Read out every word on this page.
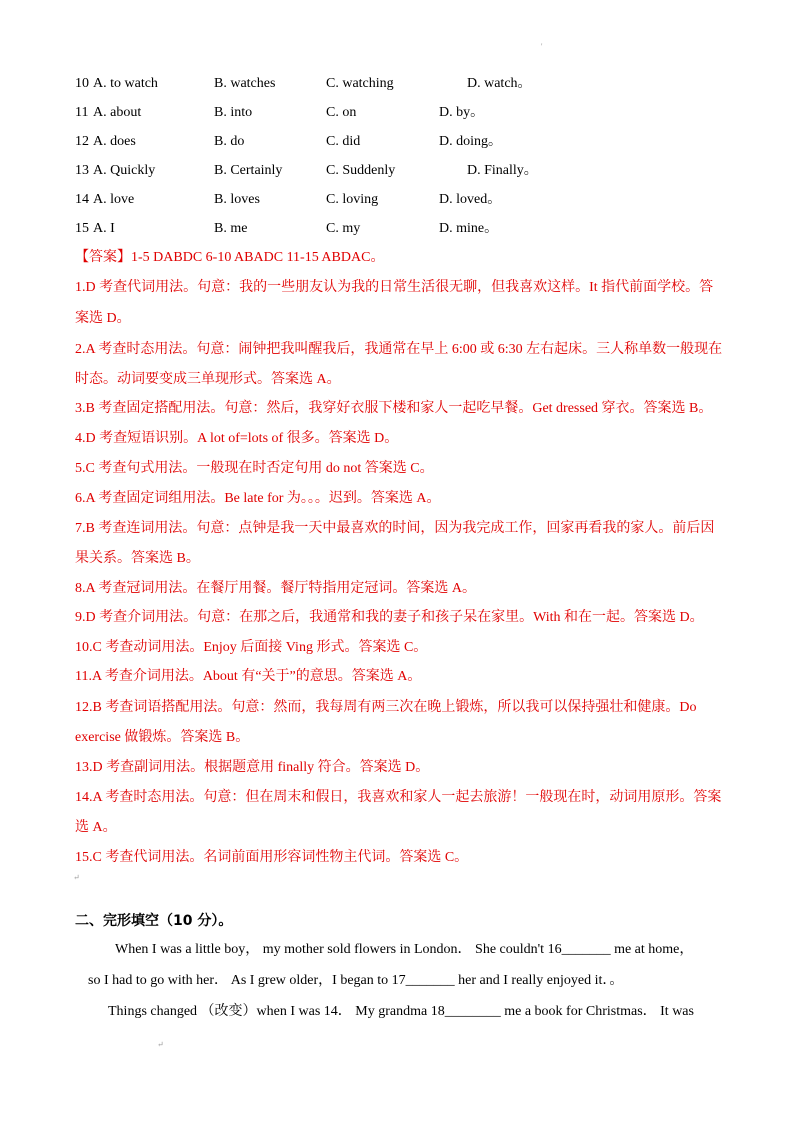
'
10 A. to watch	B. watches	C. watching	D. watch。
11 A. about	B. into	C. on	D. by。
12 A. does	B. do	C. did	D. doing。
13 A. Quickly	B. Certainly	C. Suddenly	D. Finally。
14 A. love	B. loves	C. loving	D. loved。
15 A. I	B. me	C. my	D. mine。
【答案】1-5 DABDC 6-10 ABADC 11-15 ABDAC。
1.D 考查代词用法。句意：我的一些朋友认为我的日常生活很无聊，但我喜欢这样。It 指代前面学校。答
案选 D。
2.A 考查时态用法。句意：闹钟把我叫醒我后，我通常在早上 6:00 或 6:30 左右起床。三人称单数一般现在
时态。动词要变成三单现形式。答案选 A。
3.B 考查固定搭配用法。句意：然后，我穿好衣服下楼和家人一起吃早餐。Get dressed 穿衣。答案选 B。
4.D 考查短语识别。A lot of=lots of 很多。答案选 D。
5.C 考查句式用法。一般现在时否定句用 do not 答案选 C。
6.A 考查固定词组用法。Be late for 为。。。迟到。答案选 A。
7.B 考查连词用法。句意：点钟是我一天中最喜欢的时间，因为我完成工作，回家再看我的家人。前后因
果关系。答案选 B。
8.A 考查冠词用法。在餐厅用餐。餐厅特指用定冠词。答案选 A。
9.D 考查介词用法。句意：在那之后，我通常和我的妻子和孩子呆在家里。With 和在一起。答案选 D。
10.C 考查动词用法。Enjoy 后面接 Ving 形式。答案选 C。
11.A 考查介词用法。About 有“关于”的意思。答案选 A。
12.B 考查词语搭配用法。句意：然而，我每周有两三次在晚上锻炼，所以我可以保持强壮和健康。Do
exercise 做锻炼。答案选 B。
13.D 考查副词用法。根据题意用 finally 符合。答案选 D。
14.A 考查时态用法。句意：但在周末和假日，我喜欢和家人一起去旅游！一般现在时，动词用原形。答案
选 A。
15.C 考查代词用法。名词前面用形容词性物主代词。答案选 C。
↵
二、完形填空（10 分）。
When I was a little boy， my mother sold flowers in London． She couldn't 16_______ me at home，
so I had to go with her． As I grew older，I began to 17_______ her and I really enjoyed it．。
Things changed （改变）when I was 14． My grandma 18________ me a book for Christmas． It was
↵
